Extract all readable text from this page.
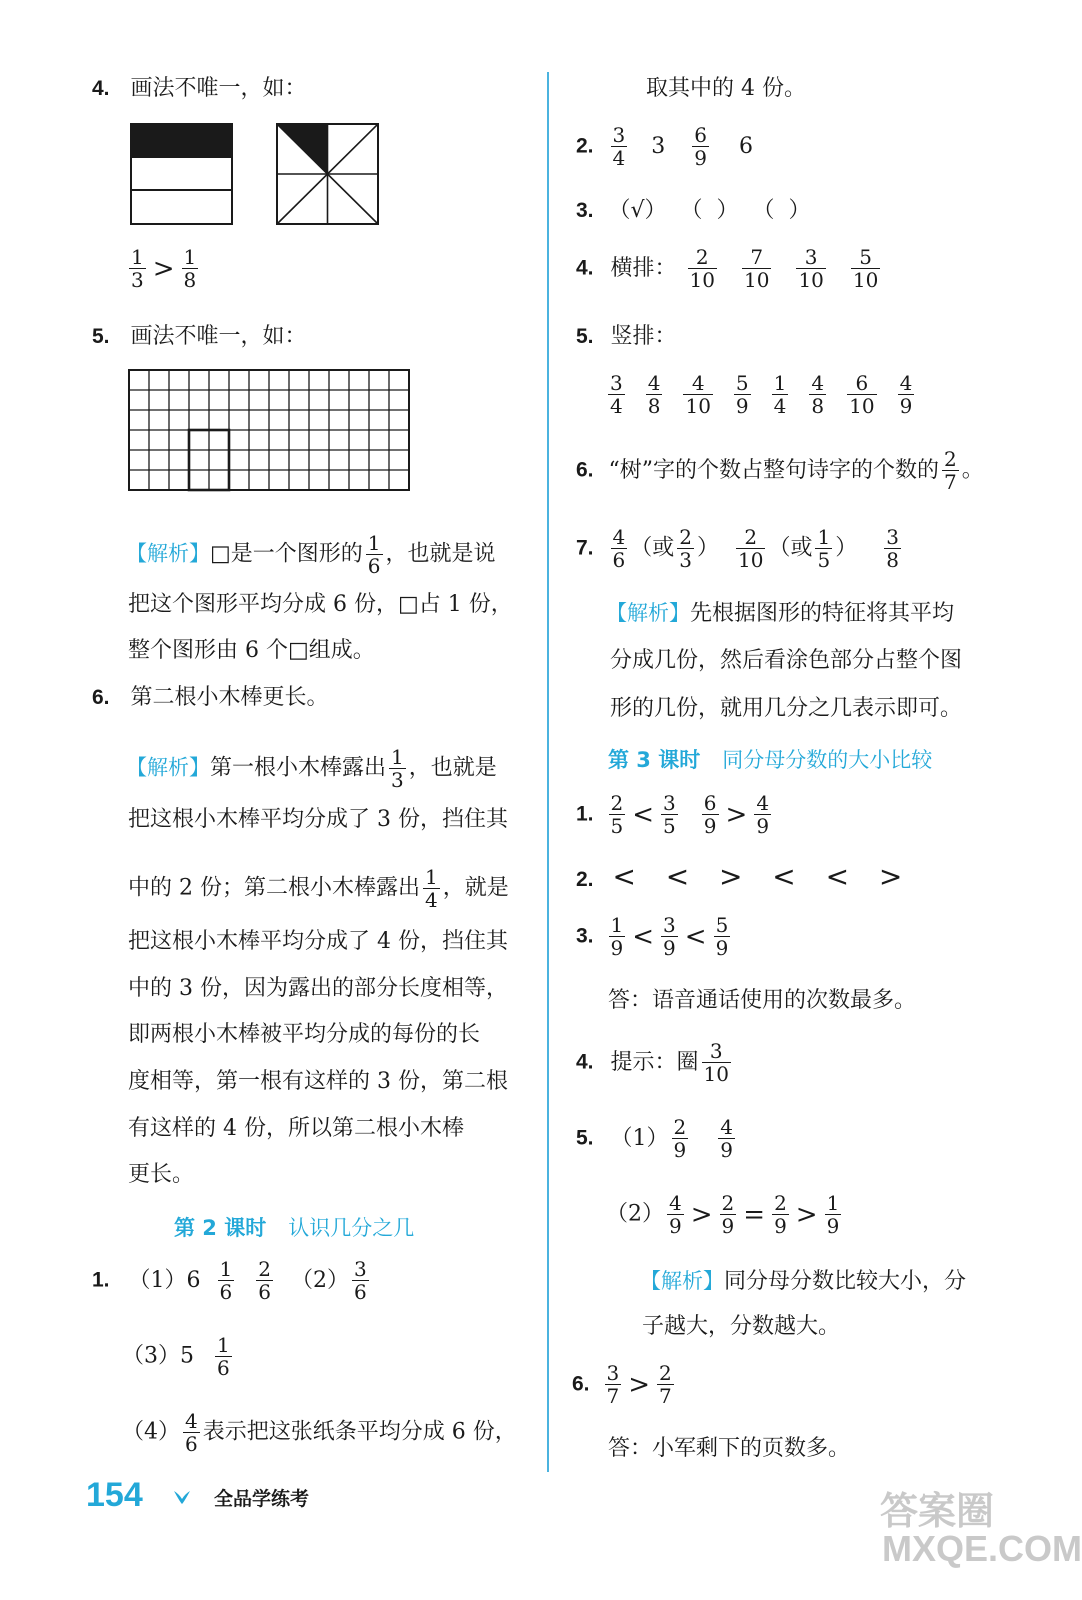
4. 画法不唯一，如：
$\frac{1}{3} > \frac{1}{8}$
5. 画法不唯一，如：
【解析】□是一个图形的 $\frac{1}{6}$ ，也就是说
把这个图形平均分成 6 份，□占 1 份，
整个图形由 6 个□组成。
6. 第二根小木棒更长。
【解析】第一根小木棒露出 $\frac{1}{3}$ ，也就是
把这根小木棒平均分成了 3 份，挡住其
中的 2 份；第二根小木棒露出 $\frac{1}{4}$ ，就是
把这根小木棒平均分成了 4 份，挡住其
中的 3 份，因为露出的部分长度相等，
即两根小木棒被平均分成的每份的长
度相等，第一根有这样的 3 份，第二根
有这样的 4 份，所以第二根小木棒
更长。
第 2 课时 认识几分之几
1. $(1)6 \frac{1}{6}$
$\frac{2}{6} (2) \frac{3}{6}$
$(3)5 \frac{1}{6}$
$(4) \frac{4}{6}$ 表示把这张纸条平均分成 6 份，
取其中的 4 份。
2. $\frac{3}{4} 3 \frac{6}{9} 6$
3. （√）  （  ）  （  ）
4. 横排： $\frac{2}{10} \frac{7}{10} \frac{3}{10} \frac{5}{10}$
5. 竖排：
$\frac{3}{4} \frac{4}{8} \frac{4}{10} \frac{5}{9} \frac{1}{4} \frac{4}{8} \frac{6}{10} \frac{4}{9}$
6. “树”字的个数占整句诗字的个数的 $\frac{2}{7}$ 。
7. $\frac{4}{6}$ （或 $\frac{2}{3}$ ） $\frac{2}{10}$ （或 $\frac{1}{5}$ ） $\frac{3}{8}$
【解析】先根据图形的特征将其平均
分成几份，然后看涂色部分占整个图
形的几份，就用几分之几表示即可。
第 3 课时 同分母分数的大小比较
1. $\frac{2}{5} < \frac{3}{5}$
$\frac{6}{9} > \frac{4}{9}$
2. <  <  >  <  <  >
3. $\frac{1}{9} < \frac{3}{9} < \frac{5}{9}$
答：语音通话使用的次数最多。
4. 提示：圈 $\frac{3}{10}$
5. $(1) \frac{2}{9}$
$\frac{4}{9}$
$(2) \frac{4}{9} > \frac{2}{9} = \frac{2}{9} > \frac{1}{9}$
【解析】同分母分数比较大小，分
子越大，分数越大。
6. $\frac{3}{7} > \frac{2}{7}$
答：小军剩下的页数多。
154	全品学练考	答案圈
MXQE.COM
